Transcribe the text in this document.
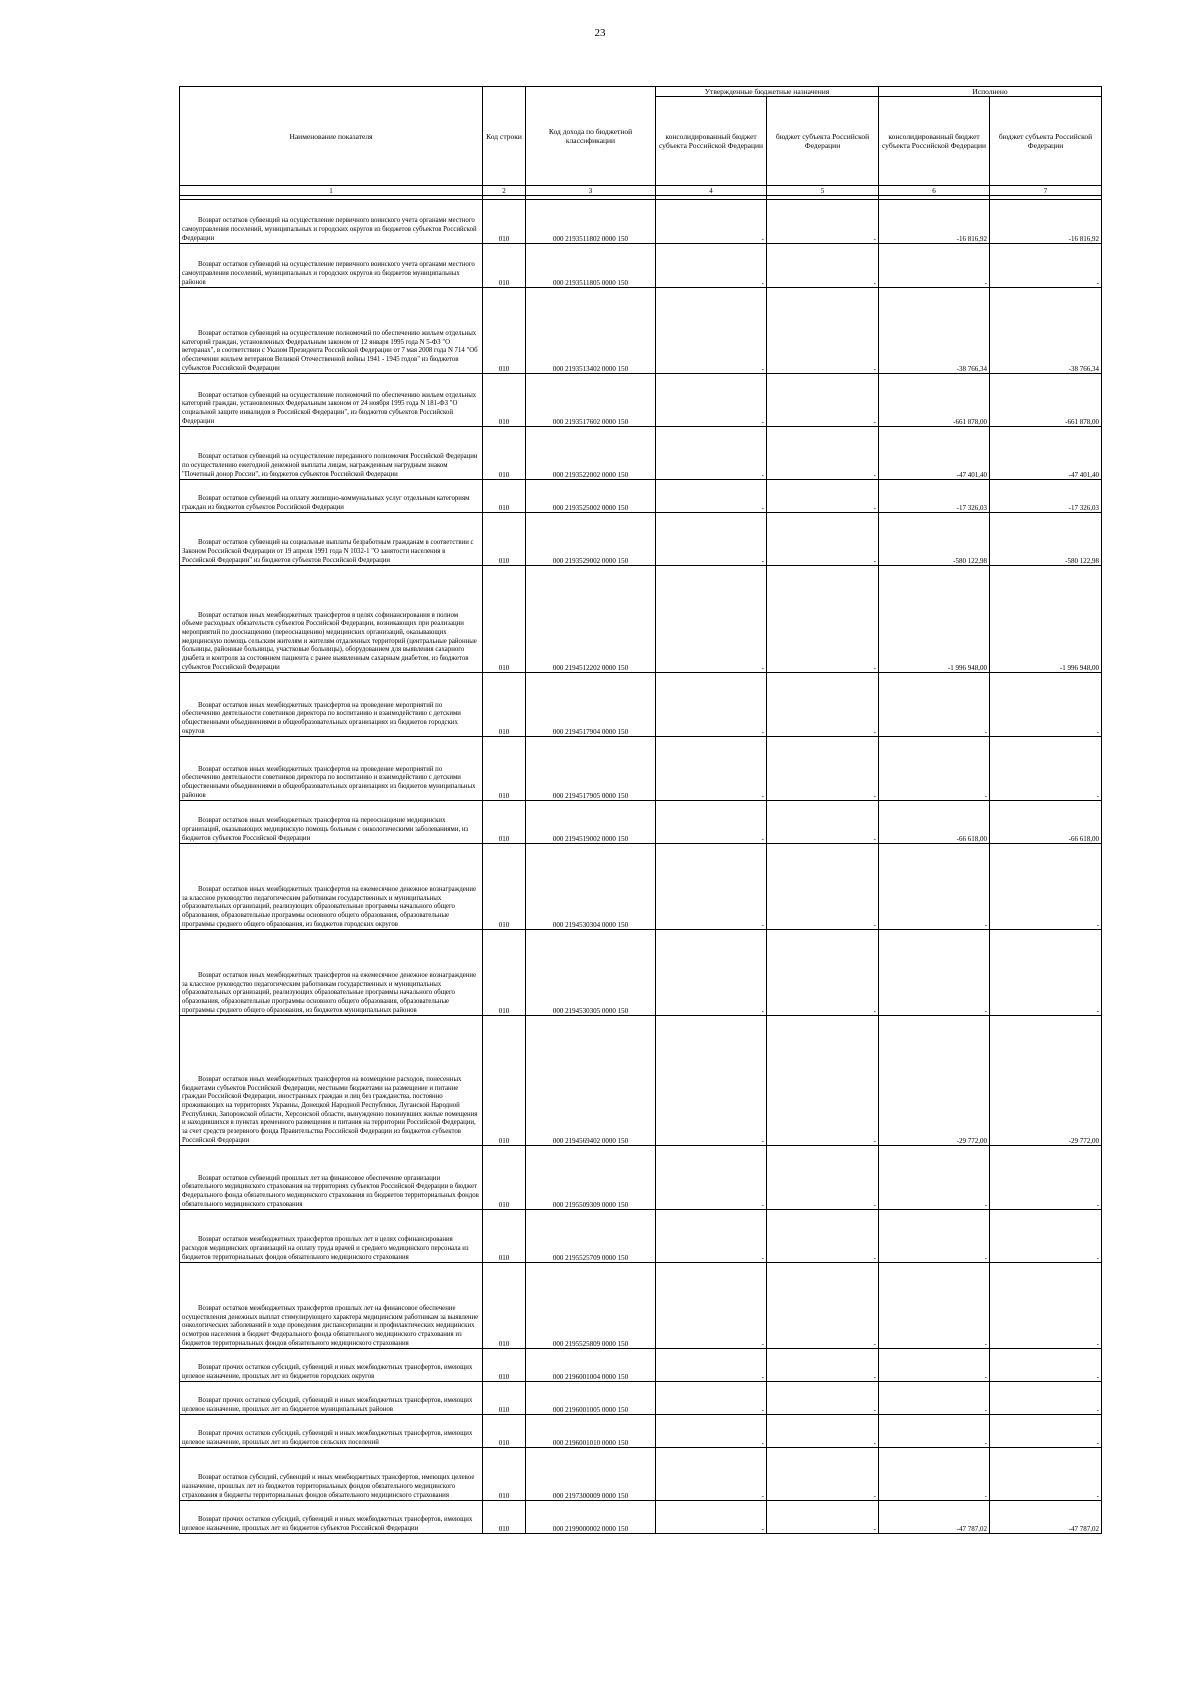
23
Наименование показателя	Код строки	Код дохода по бюджетной классификации	Утвержденные бюджетные назначения		Исполнено	
			консолидированный бюджет субъекта Российской Федерации	бюджет субъекта Российской Федерации	консолидированный бюджет субъекта Российской Федерации	бюджет субъекта Российской Федерации
1	2	3	4	5	6	7

Возврат остатков субвенций на осуществление первичного воинского учета органами местного самоуправления поселений, муниципальных и городских округов из бюджетов субъектов Российской Федерации	010	000 2193511802 0000 150	-	-	-16 816,92	-16 816,92

Возврат остатков субвенций на осуществление первичного воинского учета органами местного самоуправления поселений, муниципальных и городских округов из бюджетов муниципальных районов	010	000 2193511805 0000 150	-	-	-	-

Возврат остатков субвенций на осуществление полномочий по обеспечению жильем отдельных категорий граждан, установленных Федеральным законом от 12 января 1995 года N 5-ФЗ "О ветеранах", в соответствии с Указом Президента Российской Федерации от 7 мая 2008 года N 714 "Об обеспечении жильем ветеранов Великой Отечественной войны 1941 - 1945 годов" из бюджетов субъектов Российской Федерации	010	000 2193513402 0000 150	-	-	-38 766,34	-38 766,34

Возврат остатков субвенций на осуществление полномочий по обеспечению жильем отдельных категорий граждан, установленных Федеральным законом от 24 ноября 1995 года N 181-ФЗ "О социальной защите инвалидов в Российской Федерации", из бюджетов субъектов Российской Федерации	010	000 2193517602 0000 150	-	-	-661 878,00	-661 878,00

Возврат остатков субвенций на осуществление переданного полномочия Российской Федерации по осуществлению ежегодной денежной выплаты лицам, награжденным нагрудным знаком "Почетный донор России", из бюджетов субъектов Российской Федерации	010	000 2193522002 0000 150	-	-	-47 401,40	-47 401,40

Возврат остатков субвенций на оплату жилищно-коммунальных услуг отдельным категориям граждан из бюджетов субъектов Российской Федерации	010	000 2193525002 0000 150	-	-	-17 326,03	-17 326,03

Возврат остатков субвенций на социальные выплаты безработным гражданам в соответствии с Законом Российской Федерации от 19 апреля 1991 года N 1032-1 "О занятости населения в Российской Федерации" из бюджетов субъектов Российской Федерации	010	000 2193529002 0000 150	-	-	-580 122,98	-580 122,98

Возврат остатков иных межбюджетных трансфертов в целях софинансирования в полном объеме расходных обязательств субъектов Российской Федерации, возникающих при реализации мероприятий по дооснащению (переоснащению) медицинских организаций, оказывающих медицинскую помощь сельским жителям и жителям отдаленных территорий (центральные районные больницы, районные больницы, участковые больницы), оборудованием для выявления сахарного диабета и контроля за состоянием пациента с ранее выявленным сахарным диабетом, из бюджетов субъектов Российской Федерации	010	000 2194512202 0000 150	-	-	-1 996 948,00	-1 996 948,00

Возврат остатков иных межбюджетных трансфертов на проведение мероприятий по обеспечению деятельности советников директора по воспитанию и взаимодействию с детскими общественными объединениями в общеобразовательных организациях из бюджетов городских округов	010	000 2194517904 0000 150	-	-	-	-

Возврат остатков иных межбюджетных трансфертов на проведение мероприятий по обеспечению деятельности советников директора по воспитанию и взаимодействию с детскими общественными объединениями в общеобразовательных организациях из бюджетов муниципальных районов	010	000 2194517905 0000 150	-	-	-	-

Возврат остатков иных межбюджетных трансфертов на переоснащение медицинских организаций, оказывающих медицинскую помощь больным с онкологическими заболеваниями, из бюджетов субъектов Российской Федерации	010	000 2194519002 0000 150	-	-	-66 618,00	-66 618,00

Возврат остатков иных межбюджетных трансфертов на ежемесячное денежное вознаграждение за классное руководство педагогическим работникам государственных и муниципальных образовательных организаций, реализующих образовательные программы начального общего образования, образовательные программы основного общего образования, образовательные программы среднего общего образования, из бюджетов городских округов	010	000 2194530304 0000 150	-	-	-	-

Возврат остатков иных межбюджетных трансфертов на ежемесячное денежное вознаграждение за классное руководство педагогическим работникам государственных и муниципальных образовательных организаций, реализующих образовательные программы начального общего образования, образовательные программы основного общего образования, образовательные программы среднего общего образования, из бюджетов муниципальных районов	010	000 2194530305 0000 150	-	-	-	-

Возврат остатков иных межбюджетных трансфертов на возмещение расходов, понесенных бюджетами субъектов Российской Федерации, местными бюджетами на размещение и питание граждан Российской Федерации, иностранных граждан и лиц без гражданства, постоянно проживающих на территориях Украины, Донецкой Народной Республики, Луганской Народной Республики, Запорожской области, Херсонской области, вынужденно покинувших жилые помещения и находившихся в пунктах временного размещения и питания на территории Российской Федерации, за счет средств резервного фонда Правительства Российской Федерации из бюджетов субъектов Российской Федерации	010	000 2194569402 0000 150	-	-	-29 772,00	-29 772,00

Возврат остатков субвенций прошлых лет на финансовое обеспечение организации обязательного медицинского страхования на территориях субъектов Российской Федерации в бюджет Федерального фонда обязательного медицинского страхования из бюджетов территориальных фондов обязательного медицинского страхования	010	000 2195509309 0000 150	-	-	-	-

Возврат остатков межбюджетных трансфертов прошлых лет в целях софинансирования расходов медицинских организаций на оплату труда врачей и среднего медицинского персонала из бюджетов территориальных фондов обязательного медицинского страхования	010	000 2195525709 0000 150	-	-	-	-

Возврат остатков межбюджетных трансфертов прошлых лет на финансовое обеспечение осуществления денежных выплат стимулирующего характера медицинским работникам за выявление онкологических заболеваний в ходе проведения диспансеризации и профилактических медицинских осмотров населения в бюджет Федерального фонда обязательного медицинского страхования из бюджетов территориальных фондов обязательного медицинского страхования	010	000 2195525809 0000 150	-	-	-	-

Возврат прочих остатков субсидий, субвенций и иных межбюджетных трансфертов, имеющих целевое назначение, прошлых лет из бюджетов городских округов	010	000 2196001004 0000 150	-	-	-	-

Возврат прочих остатков субсидий, субвенций и иных межбюджетных трансфертов, имеющих целевое назначение, прошлых лет из бюджетов муниципальных районов	010	000 2196001005 0000 150	-	-	-	-

Возврат прочих остатков субсидий, субвенций и иных межбюджетных трансфертов, имеющих целевое назначение, прошлых лет из бюджетов сельских поселений	010	000 2196001010 0000 150	-	-	-	-

Возврат остатков субсидий, субвенций и иных межбюджетных трансфертов, имеющих целевое назначение, прошлых лет из бюджетов территориальных фондов обязательного медицинского страхования в бюджеты территориальных фондов обязательного медицинского страхования	010	000 2197300009 0000 150	-	-	-	-

Возврат прочих остатков субсидий, субвенций и иных межбюджетных трансфертов, имеющих целевое назначение, прошлых лет из бюджетов субъектов Российской Федерации	010	000 2199000002 0000 150	-	-	-47 787,02	-47 787,02
